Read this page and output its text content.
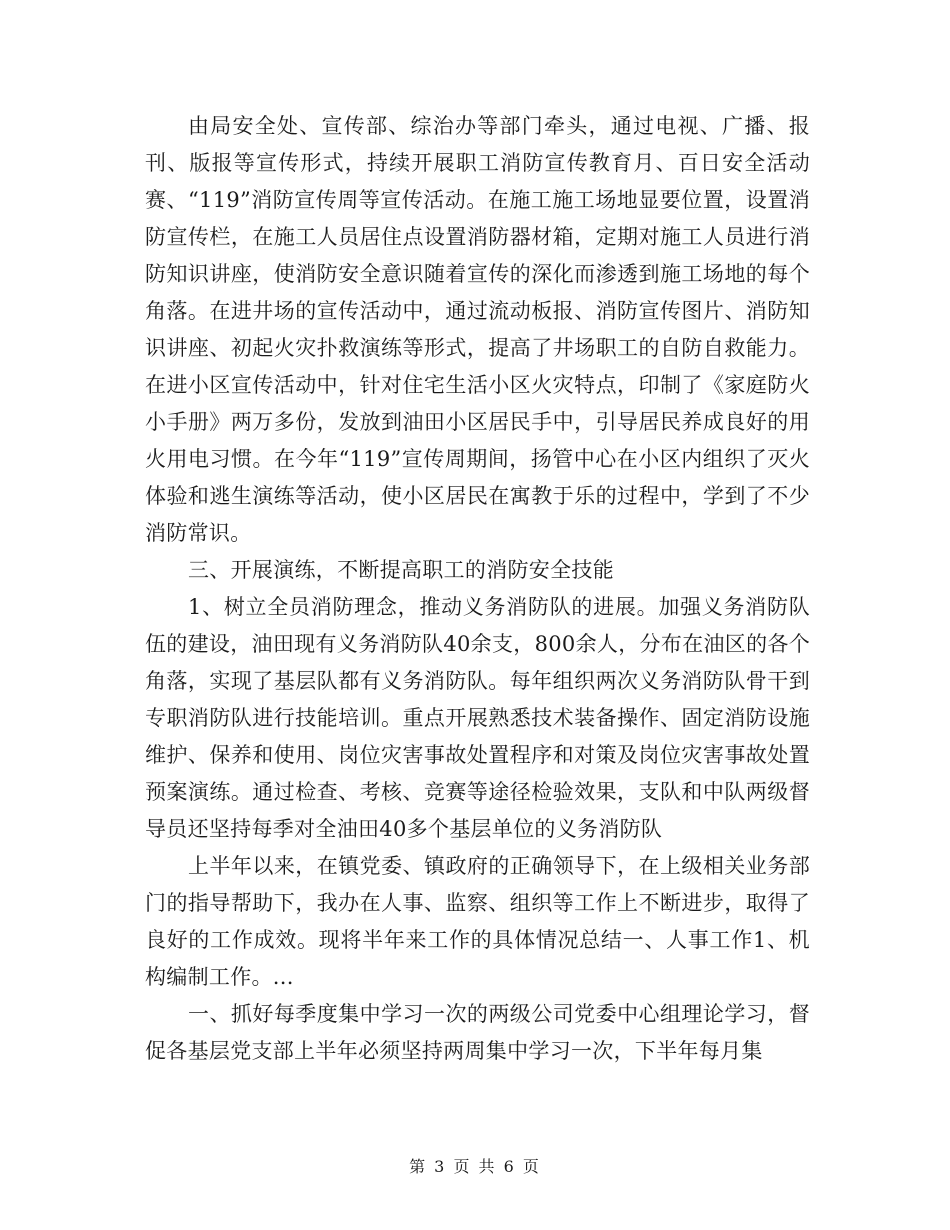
由局安全处、宣传部、综治办等部门牵头，通过电视、广播、报刊、版报等宣传形式，持续开展职工消防宣传教育月、百日安全活动赛、“119”消防宣传周等宣传活动。在施工施工场地显要位置，设置消防宣传栏，在施工人员居住点设置消防器材箱，定期对施工人员进行消防知识讲座，使消防安全意识随着宣传的深化而渗透到施工场地的每个角落。在进井场的宣传活动中，通过流动板报、消防宣传图片、消防知识讲座、初起火灾扑救演练等形式，提高了井场职工的自防自救能力。在进小区宣传活动中，针对住宅生活小区火灾特点，印制了《家庭防火小手册》两万多份，发放到油田小区居民手中，引导居民养成良好的用火用电习惯。在今年“119”宣传周期间，扬管中心在小区内组织了灭火体验和逃生演练等活动，使小区居民在寓教于乐的过程中，学到了不少消防常识。

三、开展演练，不断提高职工的消防安全技能

1、树立全员消防理念，推动义务消防队的进展。加强义务消防队伍的建设，油田现有义务消防队40余支，800余人，分布在油区的各个角落，实现了基层队都有义务消防队。每年组织两次义务消防队骨干到专职消防队进行技能培训。重点开展熟悉技术装备操作、固定消防设施维护、保养和使用、岗位灾害事故处置程序和对策及岗位灾害事故处置预案演练。通过检查、考核、竞赛等途径检验效果，支队和中队两级督导员还坚持每季对全油田40多个基层单位的义务消防队

上半年以来，在镇党委、镇政府的正确领导下，在上级相关业务部门的指导帮助下，我办在人事、监察、组织等工作上不断进步，取得了良好的工作成效。现将半年来工作的具体情况总结一、人事工作1、机构编制工作。...

一、抓好每季度集中学习一次的两级公司党委中心组理论学习，督促各基层党支部上半年必须坚持两周集中学习一次，下半年每月集

第 3 页 共 6 页
